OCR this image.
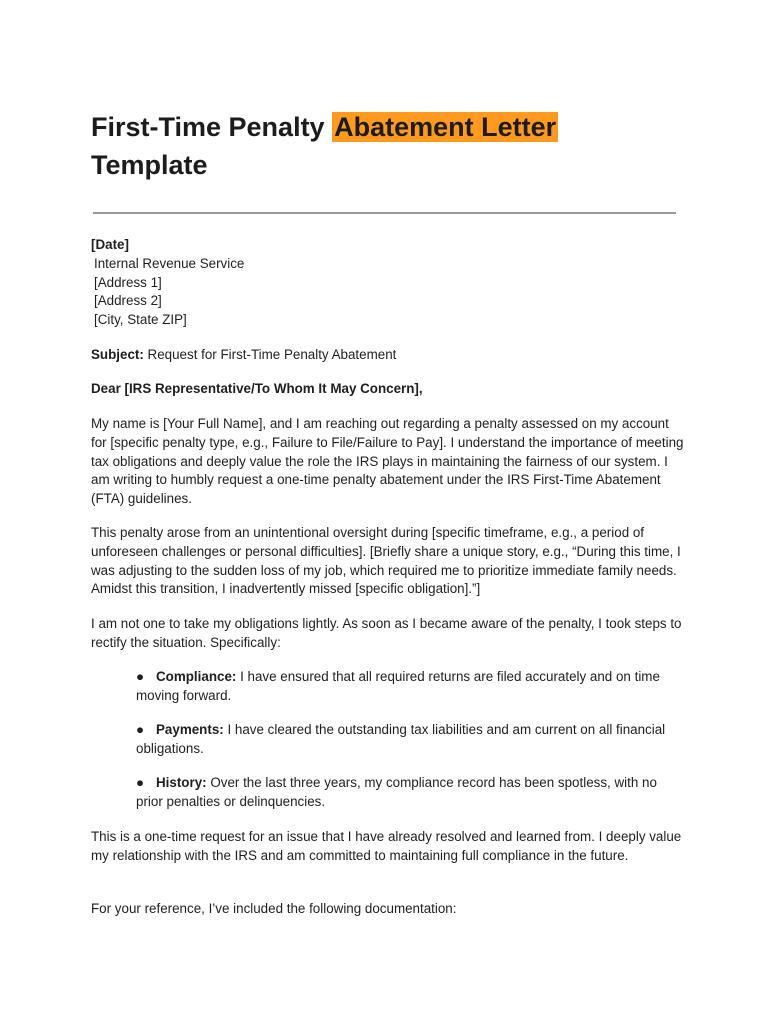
First-Time Penalty Abatement Letter
Template
[Date]
Internal Revenue Service
[Address 1]
[Address 2]
[City, State ZIP]
Subject: Request for First-Time Penalty Abatement
Dear [IRS Representative/To Whom It May Concern],

My name is [Your Full Name], and I am reaching out regarding a penalty assessed on my account for [specific penalty type, e.g., Failure to File/Failure to Pay]. I understand the importance of meeting tax obligations and deeply value the role the IRS plays in maintaining the fairness of our system. I am writing to humbly request a one-time penalty abatement under the IRS First-Time Abatement (FTA) guidelines.

This penalty arose from an unintentional oversight during [specific timeframe, e.g., a period of unforeseen challenges or personal difficulties]. [Briefly share a unique story, e.g., “During this time, I was adjusting to the sudden loss of my job, which required me to prioritize immediate family needs. Amidst this transition, I inadvertently missed [specific obligation].”]

I am not one to take my obligations lightly. As soon as I became aware of the penalty, I took steps to rectify the situation. Specifically:

● Compliance: I have ensured that all required returns are filed accurately and on time moving forward.
● Payments: I have cleared the outstanding tax liabilities and am current on all financial obligations.
● History: Over the last three years, my compliance record has been spotless, with no prior penalties or delinquencies.

This is a one-time request for an issue that I have already resolved and learned from. I deeply value my relationship with the IRS and am committed to maintaining full compliance in the future.

For your reference, I’ve included the following documentation:
